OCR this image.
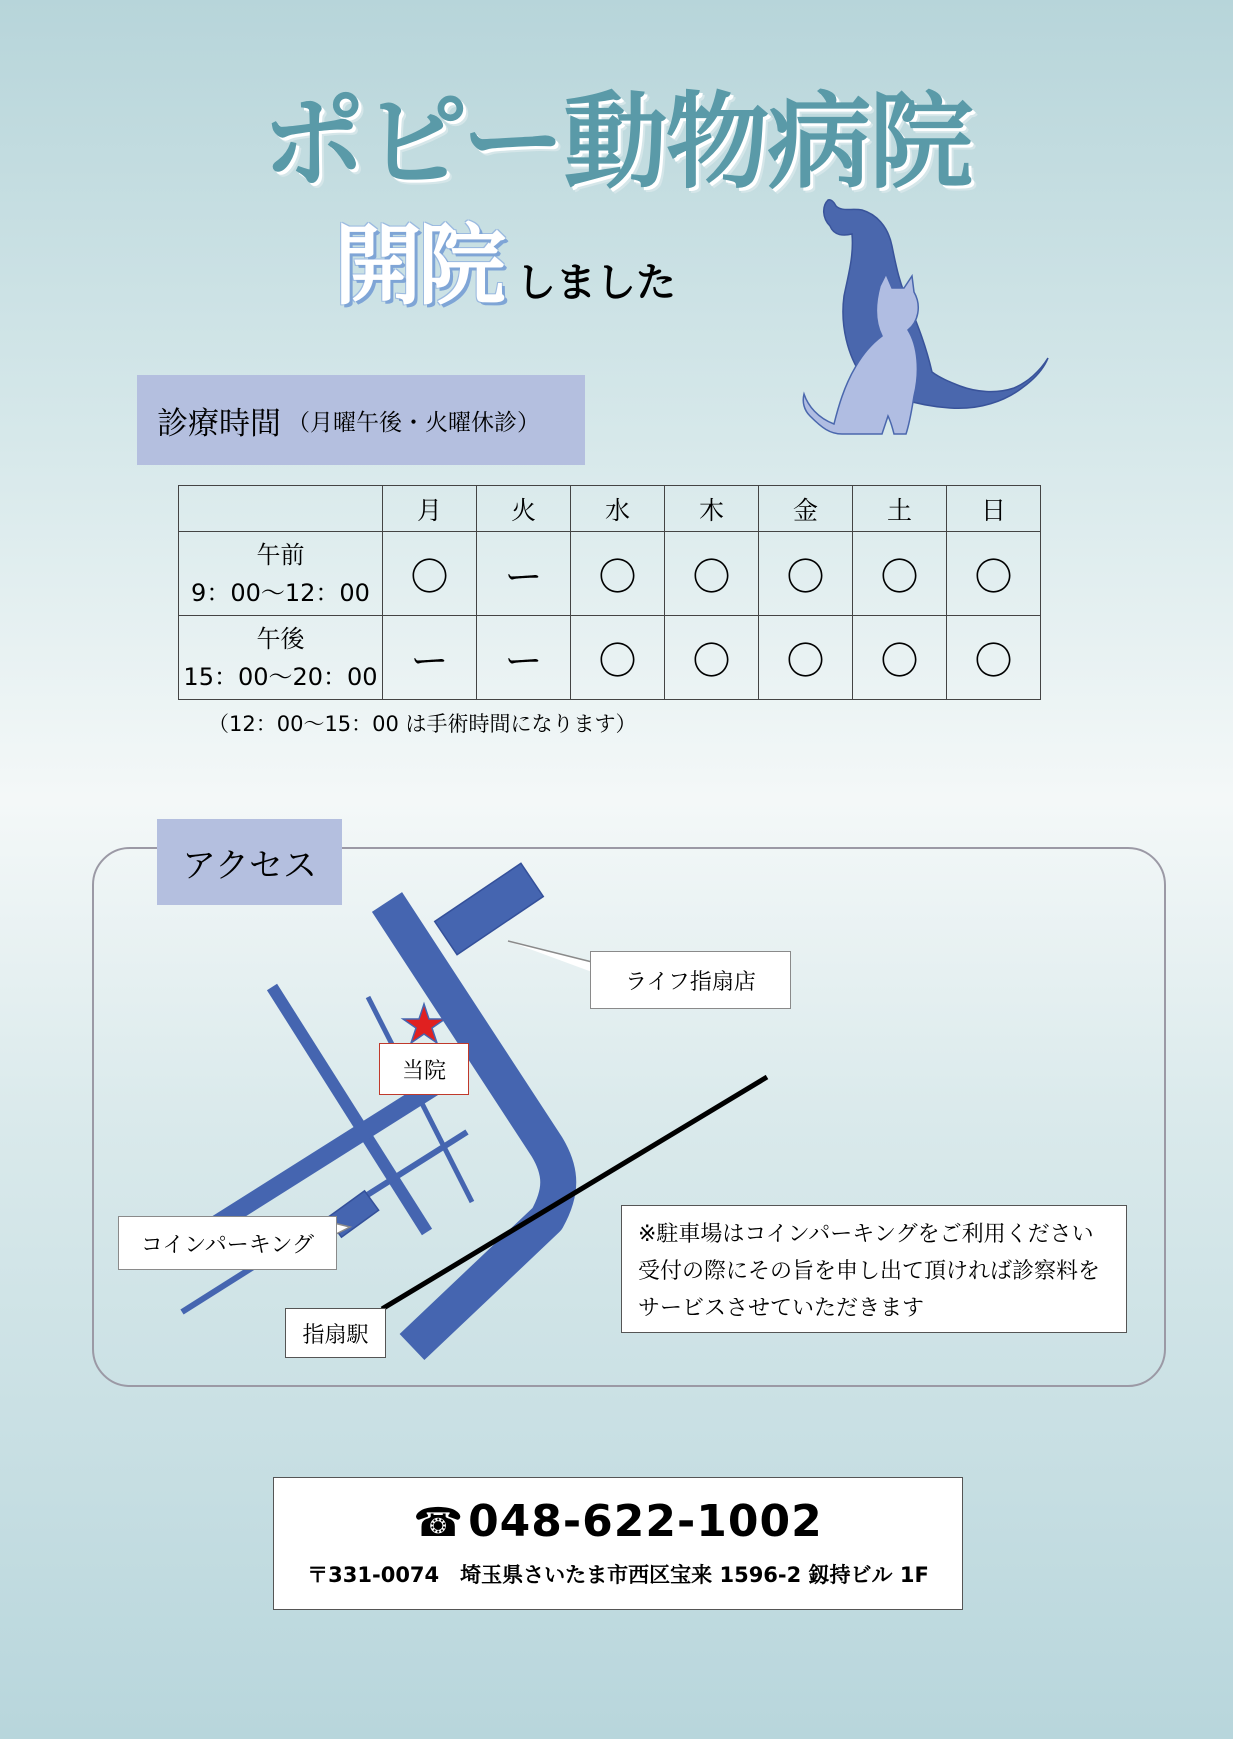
ポピー動物病院
開院 しました
診療時間 （月曜午後・火曜休診）
	月	火	水	木	金	土	日

午前
9：00～12：00	〇	ー	〇	〇	〇	〇	〇

午後
15：00～20：00	ー	ー	〇	〇	〇	〇	〇
（12：00～15：00 は手術時間になります）
アクセス
ライフ指扇店
当院
コインパーキング
指扇駅
※駐車場はコインパーキングをご利用ください
受付の際にその旨を申し出て頂ければ診察料を
サービスさせていただきます
☎048-622-1002
〒331-0074　埼玉県さいたま市西区宝来 1596-2 釼持ビル 1F
